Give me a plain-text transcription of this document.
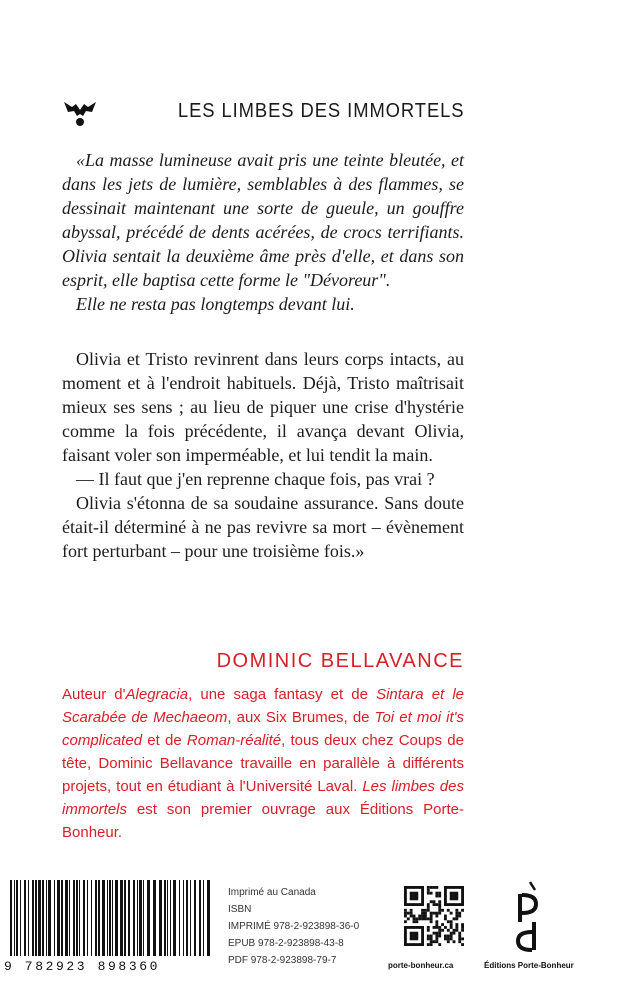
LES LIMBES DES IMMORTELS

«La masse lumineuse avait pris une teinte bleutée, et dans les jets de lumière, semblables à des flammes, se dessinait maintenant une sorte de gueule, un gouffre abyssal, précédé de dents acérées, de crocs terrifiants. Olivia sentait la deuxième âme près d'elle, et dans son esprit, elle baptisa cette forme le "Dévoreur".

Elle ne resta pas longtemps devant lui.

Olivia et Tristo revinrent dans leurs corps intacts, au moment et à l'endroit habituels. Déjà, Tristo maîtrisait mieux ses sens ; au lieu de piquer une crise d'hystérie comme la fois précédente, il avança devant Olivia, faisant voler son imperméable, et lui tendit la main.

— Il faut que j'en reprenne chaque fois, pas vrai ?

Olivia s'étonna de sa soudaine assurance. Sans doute était-il déterminé à ne pas revivre sa mort – évènement fort perturbant – pour une troisième fois.»

DOMINIC BELLAVANCE
Auteur d'Alegracia, une saga fantasy et de Sintara et le Scarabée de Mechaeom, aux Six Brumes, de Toi et moi it's complicated et de Roman-réalité, tous deux chez Coups de tête, Dominic Bellavance travaille en parallèle à différents projets, tout en étudiant à l'Université Laval. Les limbes des immortels est son premier ouvrage aux Éditions Porte-Bonheur.
9 782923 898360
Imprimé au Canada
ISBN
IMPRIMÉ 978-2-923898-36-0
EPUB 978-2-923898-43-8
PDF 978-2-923898-79-7	porte-bonheur.ca	Éditions Porte-Bonheur
